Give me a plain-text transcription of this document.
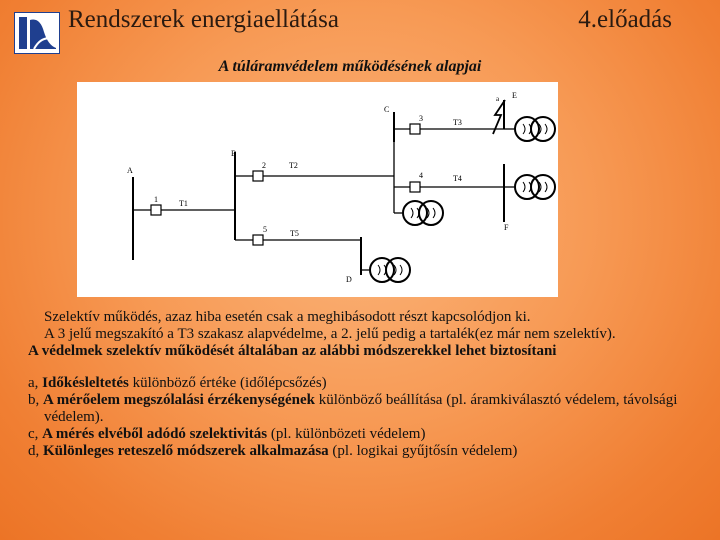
Rendszerek energiaellátása	4.előadás
A túláramvédelem működésének alapjai
A
B
C
D
E
F
a
1
2
3
4
5
T1
T2
T3
T4
T5

Szelektív működés, azaz hiba esetén csak a meghibásodott részt kapcsolódjon ki.

A 3 jelű megszakító a T3 szakasz alapvédelme, a 2. jelű pedig a tartalék(ez már nem szelektív).

A védelmek szelektív működését általában az alábbi módszerekkel lehet biztosítani

a, Időkésleltetés különböző értéke (időlépcsőzés)

b, A mérőelem megszólalási érzékenységének különböző beállítása (pl. áramkiválasztó védelem, távolsági védelem).

c, A mérés elvéből adódó szelektivitás (pl. különbözeti védelem)

d, Különleges reteszelő módszerek alkalmazása (pl. logikai gyűjtősín védelem)
